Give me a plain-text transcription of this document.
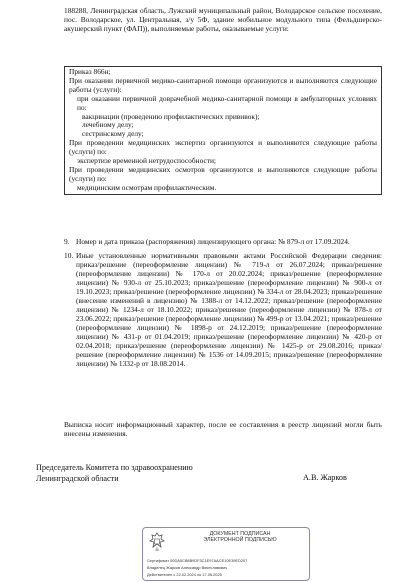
188288, Ленинградская область, Лужский муниципальный район, Володарское сельское поселение, пос. Володарское, ул. Центральная, з/у 5Ф, здание мобильное модульного типа (Фельдшерско-акушерский пункт (ФАП)), выполняемые работы, оказываемые услуги:

Приказ 866н;

При оказании первичной медико-санитарной помощи организуются и выполняются следующие работы (услуги):

при оказании первичной доврачебной медико-санитарной помощи в амбулаторных условиях по:

вакцинации (проведению профилактических прививок);

лечебному делу;

сестринскому делу;

При проведении медицинских экспертиз организуются и выполняются следующие работы (услуги) по:

экспертизе временной нетрудоспособности;

При проведении медицинских осмотров организуются и выполняются следующие работы (услуги) по:

медицинским осмотрам профилактическим.

9. Номер и дата приказа (распоряжения) лицензирующего органа: № 879-л от 17.09.2024.
10. Иные установленные нормативными правовыми актами Российской Федерации сведения: приказ/решение (переоформление лицензии) № 719-л от 26.07.2024; приказ/решение (переоформление лицензии) № 170-л от 20.02.2024; приказ/решение (переоформление лицензии) № 930-л от 25.10.2023; приказ/решение (переоформление лицензии) № 900-л от 19.10.2023; приказ/решение (переоформление лицензии) № 334-л от 28.04.2023; приказ/решение (внесение изменений в лицензию) № 1388-л от 14.12.2022; приказ/решение (переоформление лицензии) № 1234-л от 18.10.2022; приказ/решение (переоформление лицензии) № 878-л от 23.06.2022; приказ/решение (переоформление лицензии) № 499-р от 13.04.2021; приказ/решение (переоформление лицензии) № 1898-р от 24.12.2019; приказ/решение (переоформление лицензии) № 431-р от 01.04.2019; приказ/решение (переоформление лицензии) № 420-р от 02.04.2018; приказ/решение (переоформление лицензии) № 1425-р от 29.08.2016; приказ/решение (переоформление лицензии) № 1536 от 14.09.2015; приказ/решение (переоформление лицензии) № 1332-р от 18.08.2014.
Выписка носит информационный характер, после ее составления в реестр лицензий могли быть внесены изменения.
Председатель Комитета по здравоохранению
Ленинградской области	А.В. Жарков
ДОКУМЕНТ ПОДПИСАН
ЭЛЕКТРОННОЙ ПОДПИСЬЮ
Сертификат 00DA5CB8B9DF3C1E97AACE10E39ED207
Владелец Жарков Александр Вячеславович
Действителен с 22.02.2024 по 17.05.2025
